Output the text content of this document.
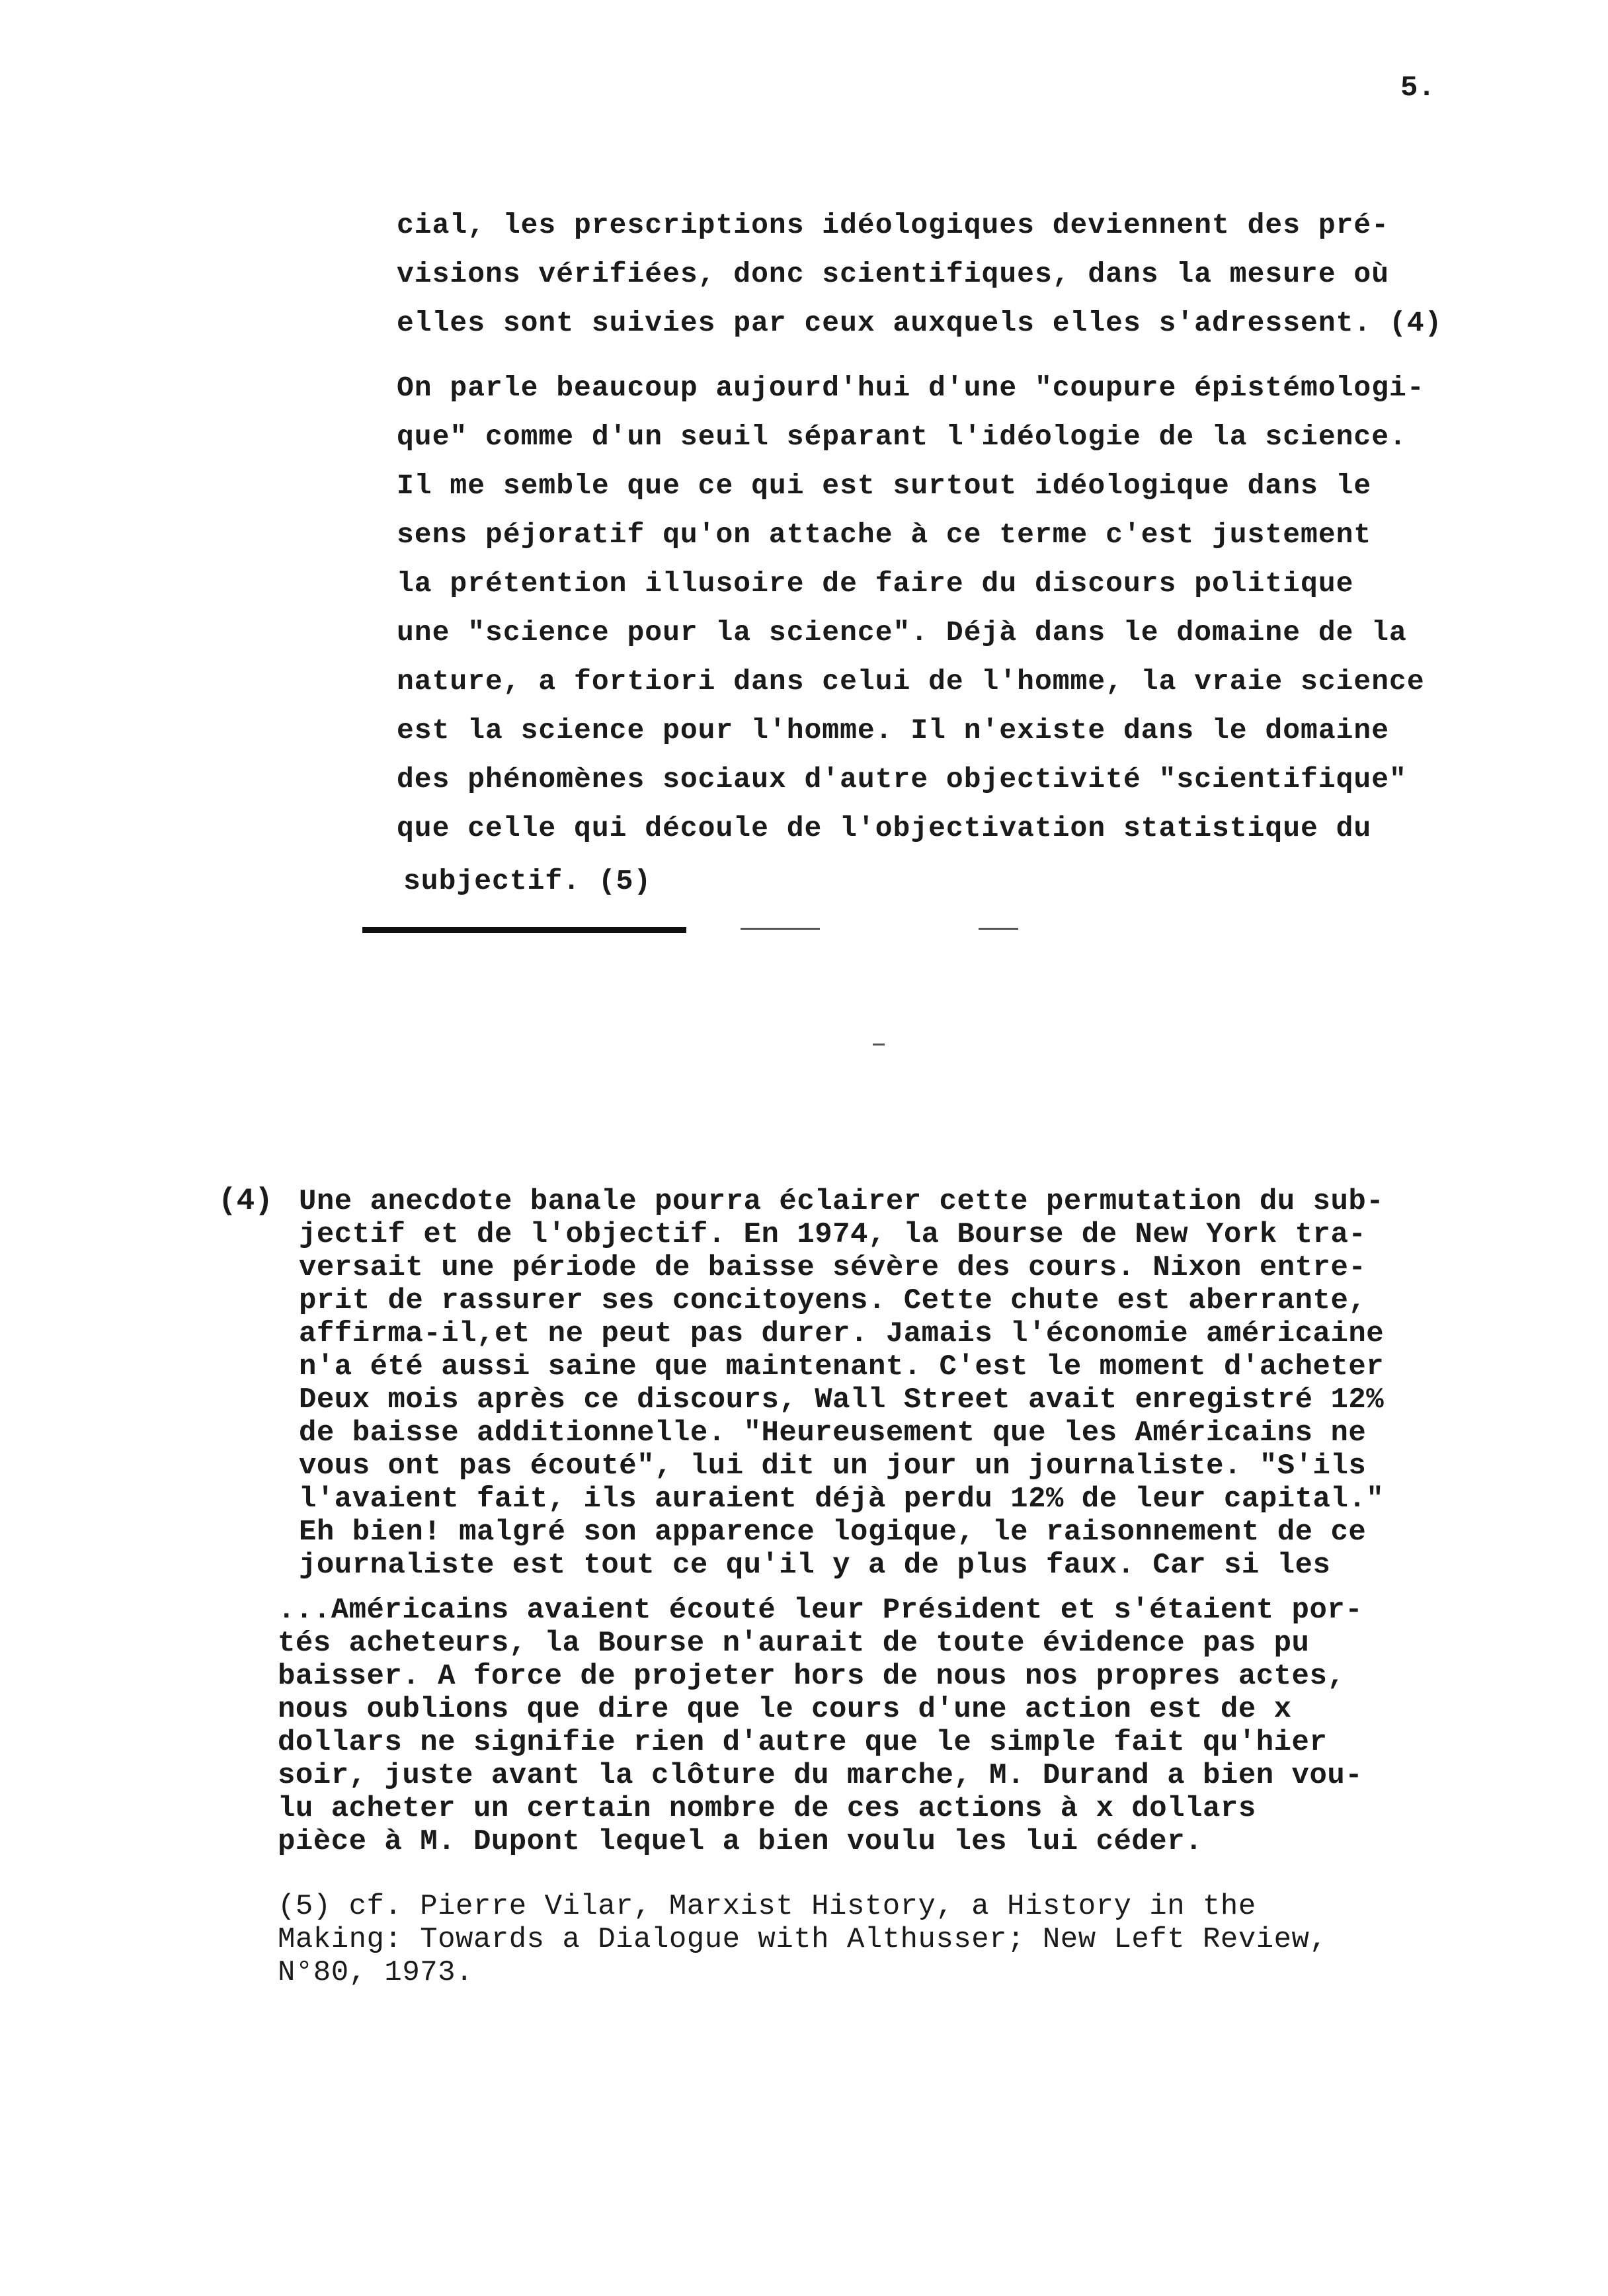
5.
cial, les prescriptions idéologiques deviennent des pré-
visions vérifiées, donc scientifiques, dans la mesure où
elles sont suivies par ceux auxquels elles s'adressent. (4)
On parle beaucoup aujourd'hui d'une "coupure épistémologi-
que" comme d'un seuil séparant l'idéologie de la science.
Il me semble que ce qui est surtout idéologique dans le
sens péjoratif qu'on attache à ce terme c'est justement
la prétention illusoire de faire du discours politique
une "science pour la science". Déjà dans le domaine de la
nature, a fortiori dans celui de l'homme, la vraie science
est la science pour l'homme. Il n'existe dans le domaine
des phénomènes sociaux d'autre objectivité "scientifique"
que celle qui découle de l'objectivation statistique du
subjectif. (5)
(4) Une anecdote banale pourra éclairer cette permutation du sub-
jectif et de l'objectif. En 1974, la Bourse de New York tra-
versait une période de baisse sévère des cours. Nixon entre-
prit de rassurer ses concitoyens. Cette chute est aberrante,
affirma-il,et ne peut pas durer. Jamais l'économie américaine
n'a été aussi saine que maintenant. C'est le moment d'acheter
Deux mois après ce discours, Wall Street avait enregistré 12%
de baisse additionnelle. "Heureusement que les Américains ne
vous ont pas écouté", lui dit un jour un journaliste. "S'ils
l'avaient fait, ils auraient déjà perdu 12% de leur capital."
Eh bien! malgré son apparence logique, le raisonnement de ce
journaliste est tout ce qu'il y a de plus faux. Car si les
...Américains avaient écouté leur Président et s'étaient por-
tés acheteurs, la Bourse n'aurait de toute évidence pas pu
baisser. A force de projeter hors de nous nos propres actes,
nous oublions que dire que le cours d'une action est de x
dollars ne signifie rien d'autre que le simple fait qu'hier
soir, juste avant la clôture du marche, M. Durand a bien vou-
lu acheter un certain nombre de ces actions à x dollars
pièce à M. Dupont lequel a bien voulu les lui céder.
(5) cf. Pierre Vilar, Marxist History, a History in the
Making: Towards a Dialogue with Althusser; New Left Review,
N°80, 1973.
